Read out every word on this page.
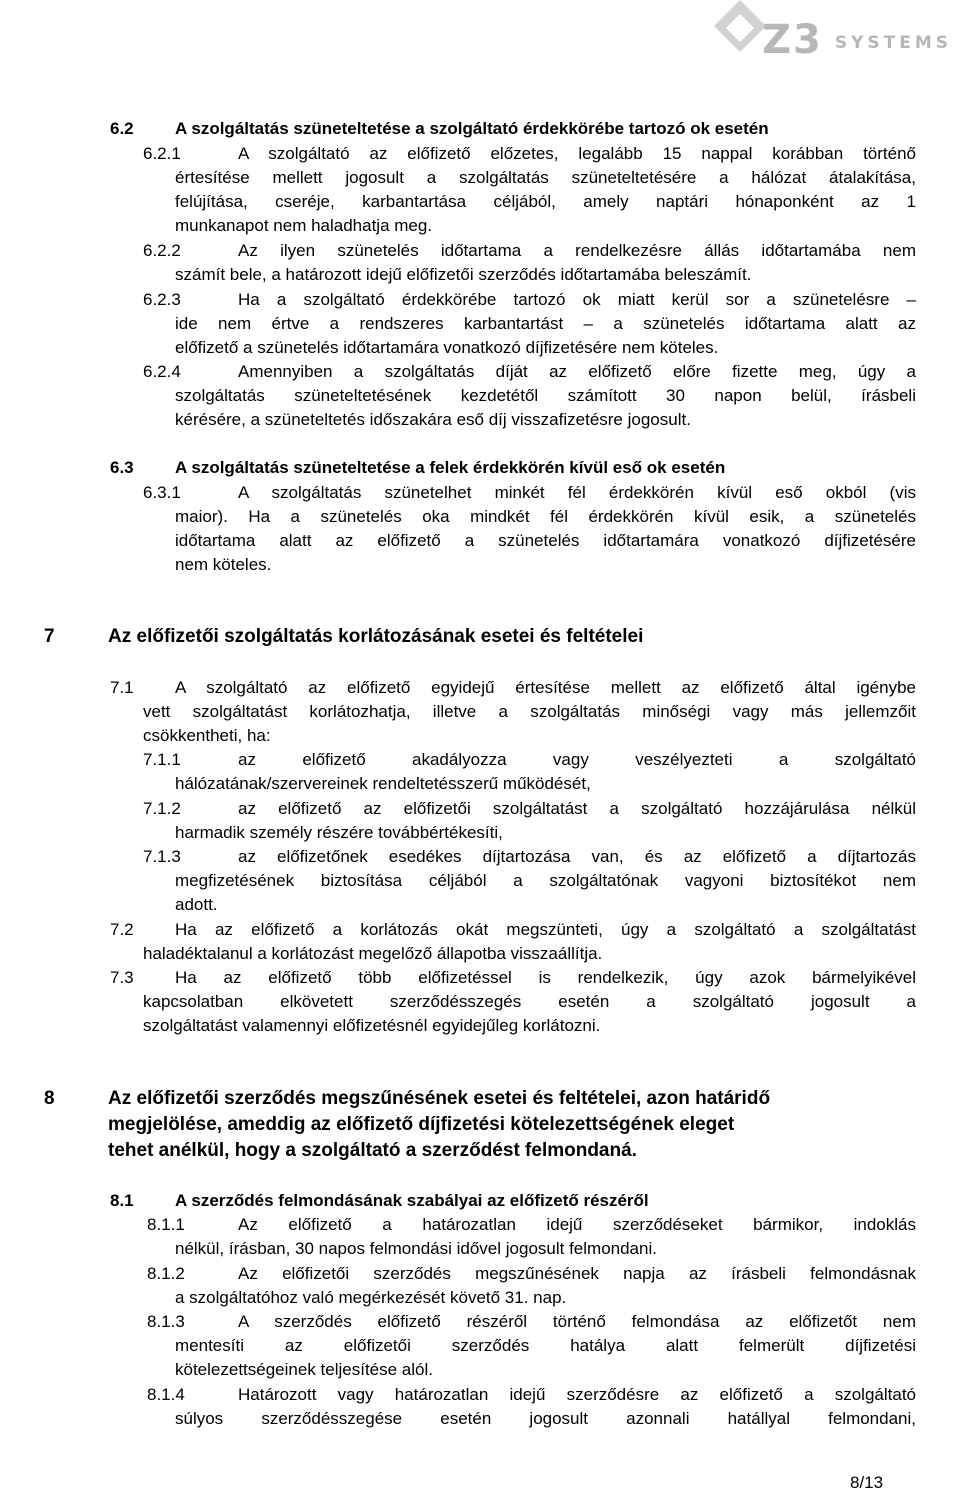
Z3 SYSTEMS
6.2 A szolgáltatás szüneteltetése a szolgáltató érdekkörébe tartozó ok esetén
6.2.1	A szolgáltató az előfizető előzetes, legalább 15 nappal korábban történő
értesítése mellett jogosult a szolgáltatás szüneteltetésére a hálózat átalakítása,
felújítása, cseréje, karbantartása céljából, amely naptári hónaponként az 1
munkanapot nem haladhatja meg.
6.2.2	Az ilyen szünetelés időtartama a rendelkezésre állás időtartamába nem
számít bele, a határozott idejű előfizetői szerződés időtartamába beleszámít.
6.2.3	Ha a szolgáltató érdekkörébe tartozó ok miatt kerül sor a szünetelésre –
ide nem értve a rendszeres karbantartást – a szünetelés időtartama alatt az
előfizető a szünetelés időtartamára vonatkozó díjfizetésére nem köteles.
6.2.4	Amennyiben a szolgáltatás díját az előfizető előre fizette meg, úgy a
szolgáltatás szüneteltetésének kezdetétől számított 30 napon belül, írásbeli
kérésére, a szüneteltetés időszakára eső díj visszafizetésre jogosult.
6.3 A szolgáltatás szüneteltetése a felek érdekkörén kívül eső ok esetén
6.3.1	A szolgáltatás szünetelhet minkét fél érdekkörén kívül eső okból (vis
maior). Ha a szünetelés oka mindkét fél érdekkörén kívül esik, a szünetelés
időtartama alatt az előfizető a szünetelés időtartamára vonatkozó díjfizetésére
nem köteles.
7	Az előfizetői szolgáltatás korlátozásának esetei és feltételei
7.1 A szolgáltató az előfizető egyidejű értesítése mellett az előfizető által igénybe
vett szolgáltatást korlátozhatja, illetve a szolgáltatás minőségi vagy más jellemzőit
csökkentheti, ha:
7.1.1	az előfizető akadályozza vagy veszélyezteti a szolgáltató
hálózatának/szervereinek rendeltetésszerű működését,
7.1.2	az előfizető az előfizetői szolgáltatást a szolgáltató hozzájárulása nélkül
harmadik személy részére továbbértékesíti,
7.1.3	az előfizetőnek esedékes díjtartozása van, és az előfizető a díjtartozás
megfizetésének biztosítása céljából a szolgáltatónak vagyoni biztosítékot nem
adott.
7.2 Ha az előfizető a korlátozás okát megszünteti, úgy a szolgáltató a szolgáltatást
haladéktalanul a korlátozást megelőző állapotba visszaállítja.
7.3 Ha az előfizető több előfizetéssel is rendelkezik, úgy azok bármelyikével
kapcsolatban elkövetett szerződésszegés esetén a szolgáltató jogosult a
szolgáltatást valamennyi előfizetésnél egyidejűleg korlátozni.
8	Az előfizetői szerződés megszűnésének esetei és feltételei, azon határidő
megjelölése, ameddig az előfizető díjfizetési kötelezettségének eleget
tehet anélkül, hogy a szolgáltató a szerződést felmondaná.
8.1 A szerződés felmondásának szabályai az előfizető részéről
8.1.1	Az előfizető a határozatlan idejű szerződéseket bármikor, indoklás
nélkül, írásban, 30 napos felmondási idővel jogosult felmondani.
8.1.2	Az előfizetői szerződés megszűnésének napja az írásbeli felmondásnak
a szolgáltatóhoz való megérkezését követő 31. nap.
8.1.3	A szerződés előfizető részéről történő felmondása az előfizetőt nem
mentesíti az előfizetői szerződés hatálya alatt felmerült díjfizetési
kötelezettségeinek teljesítése alól.
8.1.4	Határozott vagy határozatlan idejű szerződésre az előfizető a szolgáltató
súlyos szerződésszegése esetén jogosult azonnali hatállyal felmondani,
8/13
